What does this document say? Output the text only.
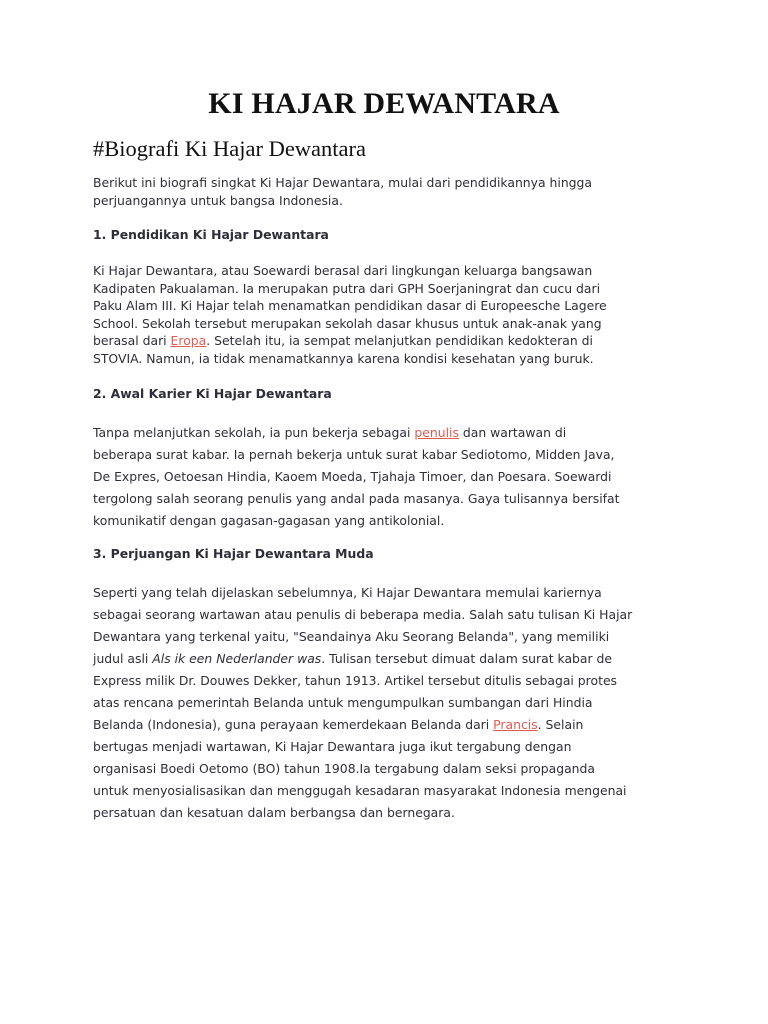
KI HAJAR DEWANTARA
#Biografi Ki Hajar Dewantara

Berikut ini biografi singkat Ki Hajar Dewantara, mulai dari pendidikannya hingga
perjuangannya untuk bangsa Indonesia.

1. Pendidikan Ki Hajar Dewantara

Ki Hajar Dewantara, atau Soewardi berasal dari lingkungan keluarga bangsawan
Kadipaten Pakualaman. Ia merupakan putra dari GPH Soerjaningrat dan cucu dari
Paku Alam III. Ki Hajar telah menamatkan pendidikan dasar di Europeesche Lagere
School. Sekolah tersebut merupakan sekolah dasar khusus untuk anak-anak yang
berasal dari Eropa. Setelah itu, ia sempat melanjutkan pendidikan kedokteran di
STOVIA. Namun, ia tidak menamatkannya karena kondisi kesehatan yang buruk.

2. Awal Karier Ki Hajar Dewantara

Tanpa melanjutkan sekolah, ia pun bekerja sebagai penulis dan wartawan di
beberapa surat kabar. Ia pernah bekerja untuk surat kabar Sediotomo, Midden Java,
De Expres, Oetoesan Hindia, Kaoem Moeda, Tjahaja Timoer, dan Poesara. Soewardi
tergolong salah seorang penulis yang andal pada masanya. Gaya tulisannya bersifat
komunikatif dengan gagasan-gagasan yang antikolonial.

3. Perjuangan Ki Hajar Dewantara Muda

Seperti yang telah dijelaskan sebelumnya, Ki Hajar Dewantara memulai kariernya
sebagai seorang wartawan atau penulis di beberapa media. Salah satu tulisan Ki Hajar
Dewantara yang terkenal yaitu, "Seandainya Aku Seorang Belanda", yang memiliki
judul asli Als ik een Nederlander was. Tulisan tersebut dimuat dalam surat kabar de
Express milik Dr. Douwes Dekker, tahun 1913. Artikel tersebut ditulis sebagai protes
atas rencana pemerintah Belanda untuk mengumpulkan sumbangan dari Hindia
Belanda (Indonesia), guna perayaan kemerdekaan Belanda dari Prancis. Selain
bertugas menjadi wartawan, Ki Hajar Dewantara juga ikut tergabung dengan
organisasi Boedi Oetomo (BO) tahun 1908.Ia tergabung dalam seksi propaganda
untuk menyosialisasikan dan menggugah kesadaran masyarakat Indonesia mengenai
persatuan dan kesatuan dalam berbangsa dan bernegara.
